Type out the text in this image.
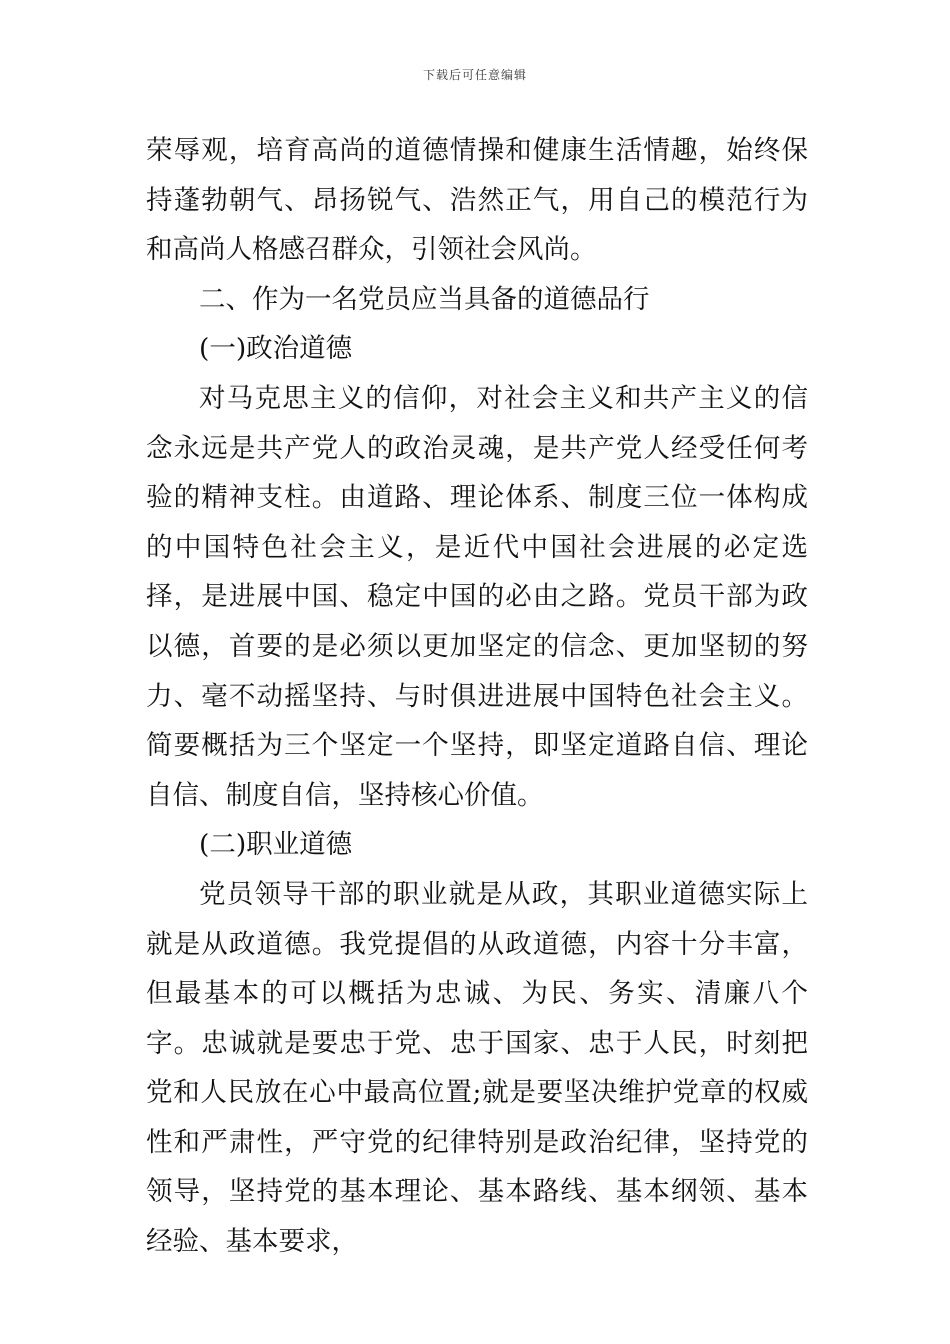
下载后可任意编辑

荣辱观，培育高尚的道德情操和健康生活情趣，始终保持蓬勃朝气、昂扬锐气、浩然正气，用自己的模范行为和高尚人格感召群众，引领社会风尚。

二、作为一名党员应当具备的道德品行

(一)政治道德

对马克思主义的信仰，对社会主义和共产主义的信念永远是共产党人的政治灵魂，是共产党人经受任何考验的精神支柱。由道路、理论体系、制度三位一体构成的中国特色社会主义，是近代中国社会进展的必定选择，是进展中国、稳定中国的必由之路。党员干部为政以德，首要的是必须以更加坚定的信念、更加坚韧的努力、毫不动摇坚持、与时俱进进展中国特色社会主义。简要概括为三个坚定一个坚持，即坚定道路自信、理论自信、制度自信，坚持核心价值。

(二)职业道德

党员领导干部的职业就是从政，其职业道德实际上就是从政道德。我党提倡的从政道德，内容十分丰富，但最基本的可以概括为忠诚、为民、务实、清廉八个字。忠诚就是要忠于党、忠于国家、忠于人民，时刻把党和人民放在心中最高位置;就是要坚决维护党章的权威性和严肃性，严守党的纪律特别是政治纪律，坚持党的领导，坚持党的基本理论、基本路线、基本纲领、基本经验、基本要求，
